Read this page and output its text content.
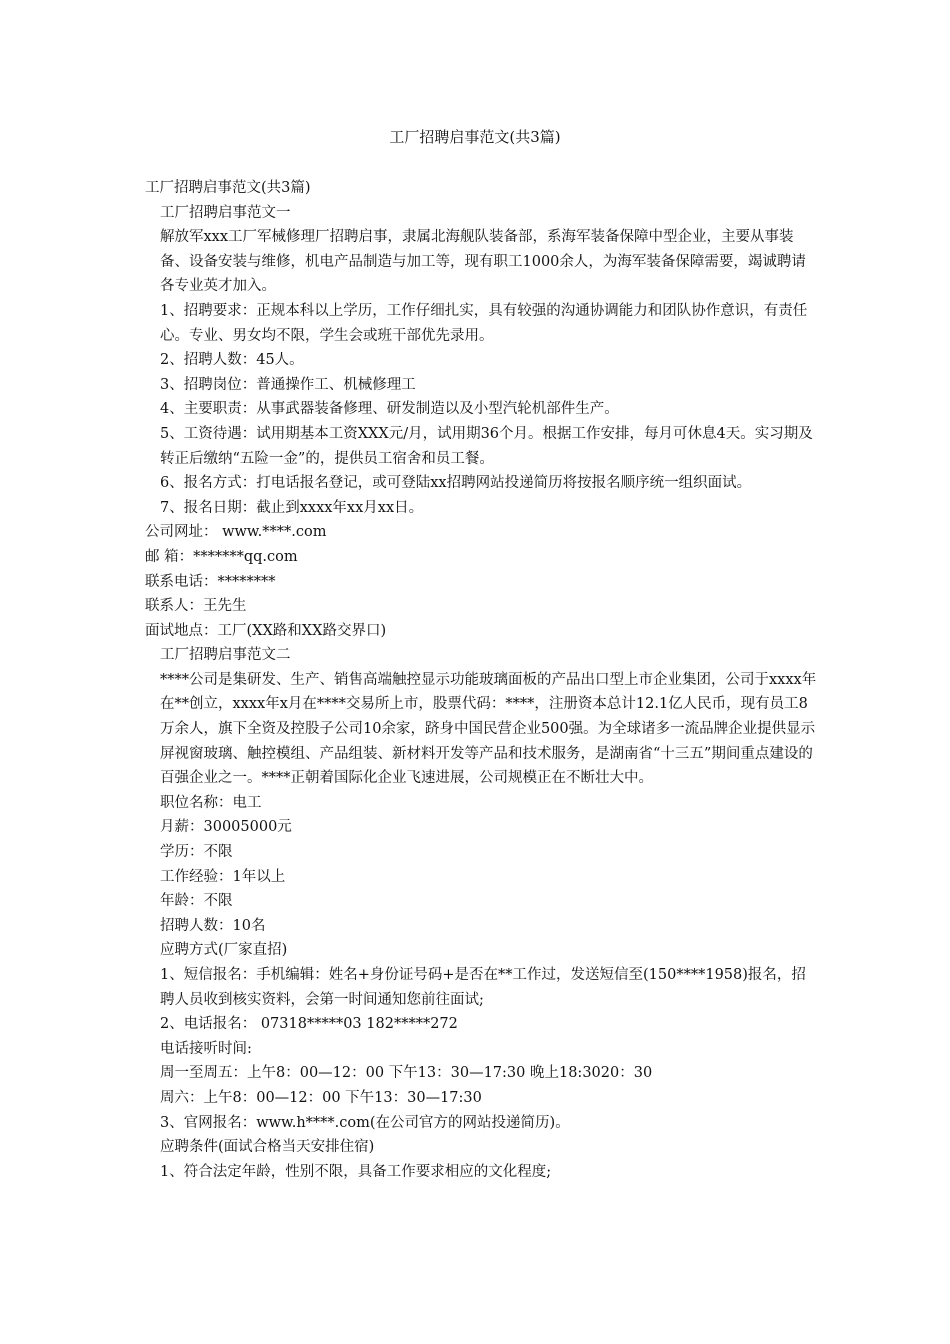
工厂招聘启事范文(共3篇)

工厂招聘启事范文(共3篇)

工厂招聘启事范文一

解放军xxx工厂军械修理厂招聘启事，隶属北海舰队装备部，系海军装备保障中型企业，主要从事装备、设备安装与维修，机电产品制造与加工等，现有职工1000余人，为海军装备保障需要，竭诚聘请各专业英才加入。

1、招聘要求：正规本科以上学历，工作仔细扎实，具有较强的沟通协调能力和团队协作意识，有责任心。专业、男女均不限，学生会或班干部优先录用。

2、招聘人数：45人。

3、招聘岗位：普通操作工、机械修理工

4、主要职责：从事武器装备修理、研发制造以及小型汽轮机部件生产。

5、工资待遇：试用期基本工资XXX元/月，试用期36个月。根据工作安排，每月可休息4天。实习期及转正后缴纳“五险一金”的，提供员工宿舍和员工餐。

6、报名方式：打电话报名登记，或可登陆xx招聘网站投递简历将按报名顺序统一组织面试。

7、报名日期：截止到xxxx年xx月xx日。

公司网址： www.****.com

邮 箱：*******qq.com

联系电话：********

联系人：王先生

面试地点：工厂(XX路和XX路交界口)

工厂招聘启事范文二

****公司是集研发、生产、销售高端触控显示功能玻璃面板的产品出口型上市企业集团，公司于xxxx年在**创立，xxxx年x月在****交易所上市，股票代码：****，注册资本总计12.1亿人民币，现有员工8万余人，旗下全资及控股子公司10余家，跻身中国民营企业500强。为全球诸多一流品牌企业提供显示屏视窗玻璃、触控模组、产品组装、新材料开发等产品和技术服务，是湖南省“十三五”期间重点建设的百强企业之一。****正朝着国际化企业飞速进展，公司规模正在不断壮大中。

职位名称：电工

月薪：30005000元

学历：不限

工作经验：1年以上

年龄：不限

招聘人数：10名

应聘方式(厂家直招)

1、短信报名：手机编辑：姓名+身份证号码+是否在**工作过，发送短信至(150****1958)报名，招聘人员收到核实资料，会第一时间通知您前往面试;

2、电话报名： 07318*****03 182*****272

电话接听时间:

周一至周五：上午8：00—12：00 下午13：30—17:30 晚上18:3020：30

周六：上午8：00—12：00 下午13：30—17:30

3、官网报名：www.h****.com(在公司官方的网站投递简历)。

应聘条件(面试合格当天安排住宿)

1、符合法定年龄，性别不限，具备工作要求相应的文化程度;
